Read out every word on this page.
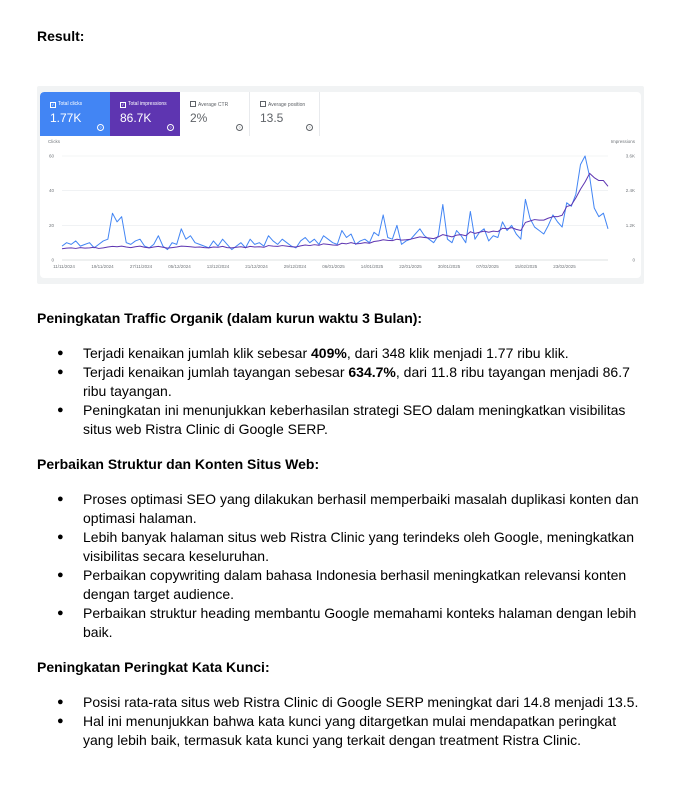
Result:
✓ Total clicks
1.77K
?
✓ Total impressions
86.7K
?
Average CTR
2%
?
Average position
13.5
?
Clicks	Impressions
60	3.6K
40	2.4K
20	1.2K
0	0
11/11/2024	19/11/2024	27/11/2024	05/12/2024	13/12/2024	21/12/2024	29/12/2024	06/01/2025	14/01/2025	22/01/2025	30/01/2025	07/02/2025	15/02/2025	23/02/2025

Peningkatan Traffic Organik (dalam kurun waktu 3 Bulan):

● Terjadi kenaikan jumlah klik sebesar 409%, dari 348 klik menjadi 1.77 ribu klik.
● Terjadi kenaikan jumlah tayangan sebesar 634.7%, dari 11.8 ribu tayangan menjadi 86.7 ribu tayangan.
● Peningkatan ini menunjukkan keberhasilan strategi SEO dalam meningkatkan visibilitas situs web Ristra Clinic di Google SERP.

Perbaikan Struktur dan Konten Situs Web:

● Proses optimasi SEO yang dilakukan berhasil memperbaiki masalah duplikasi konten dan optimasi halaman.
● Lebih banyak halaman situs web Ristra Clinic yang terindeks oleh Google, meningkatkan visibilitas secara keseluruhan.
● Perbaikan copywriting dalam bahasa Indonesia berhasil meningkatkan relevansi konten dengan target audience.
● Perbaikan struktur heading membantu Google memahami konteks halaman dengan lebih baik.

Peningkatan Peringkat Kata Kunci:

● Posisi rata-rata situs web Ristra Clinic di Google SERP meningkat dari 14.8 menjadi 13.5.
● Hal ini menunjukkan bahwa kata kunci yang ditargetkan mulai mendapatkan peringkat yang lebih baik, termasuk kata kunci yang terkait dengan treatment Ristra Clinic.
